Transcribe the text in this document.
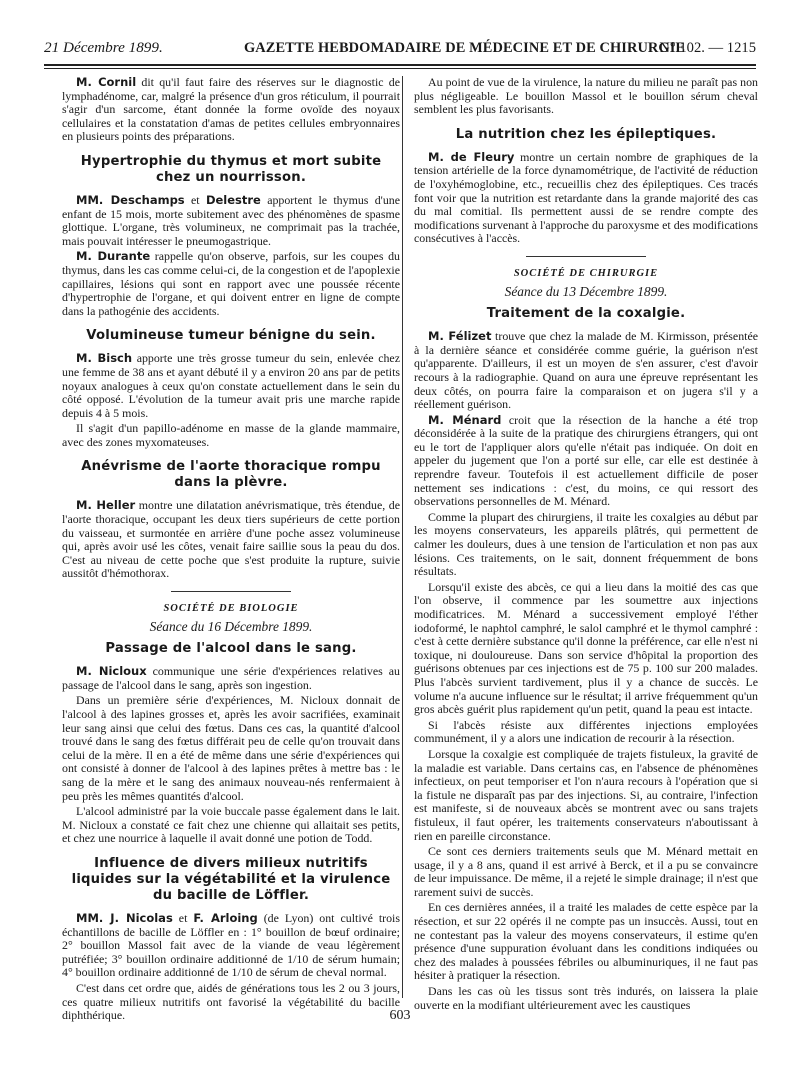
21 Décembre 1899.	GAZETTE HEBDOMADAIRE DE MÉDECINE ET DE CHIRURGIE
N° 102. — 1215

M. Cornil dit qu'il faut faire des réserves sur le diagnostic de lymphadénome, car, malgré la présence d'un gros réticulum, il pourrait s'agir d'un sarcome, étant donnée la forme ovoïde des noyaux cellulaires et la constatation d'amas de petites cellules embryonnaires en plusieurs points des préparations.

Hypertrophie du thymus et mort subite chez un nourrisson.

MM. Deschamps et Delestre apportent le thymus d'une enfant de 15 mois, morte subitement avec des phénomènes de spasme glottique. L'organe, très volumineux, ne comprimait pas la trachée, mais pouvait intéresser le pneumogastrique.

M. Durante rappelle qu'on observe, parfois, sur les coupes du thymus, dans les cas comme celui-ci, de la congestion et de l'apoplexie capillaires, lésions qui sont en rapport avec une poussée récente d'hypertrophie de l'organe, et qui doivent entrer en ligne de compte dans la pathogénie des accidents.

Volumineuse tumeur bénigne du sein.

M. Bisch apporte une très grosse tumeur du sein, enlevée chez une femme de 38 ans et ayant débuté il y a environ 20 ans par de petits noyaux analogues à ceux qu'on constate actuellement dans le sein du côté opposé. L'évolution de la tumeur avait pris une marche rapide depuis 4 à 5 mois.

Il s'agit d'un papillo-adénome en masse de la glande mammaire, avec des zones myxomateuses.

Anévrisme de l'aorte thoracique rompu dans la plèvre.

M. Heller montre une dilatation anévrismatique, très étendue, de l'aorte thoracique, occupant les deux tiers supérieurs de cette portion du vaisseau, et surmontée en arrière d'une poche assez volumineuse qui, après avoir usé les côtes, venait faire saillie sous la peau du dos. C'est au niveau de cette poche que s'est produite la rupture, suivie aussitôt d'hémothorax.

SOCIÉTÉ DE BIOLOGIE
Séance du 16 Décembre 1899.
Passage de l'alcool dans le sang.

M. Nicloux communique une série d'expériences relatives au passage de l'alcool dans le sang, après son ingestion.

Dans un première série d'expériences, M. Nicloux donnait de l'alcool à des lapines grosses et, après les avoir sacrifiées, examinait leur sang ainsi que celui des fœtus. Dans ces cas, la quantité d'alcool trouvé dans le sang des fœtus différait peu de celle qu'on trouvait dans celui de la mère. Il en a été de même dans une série d'expériences qui ont consisté à donner de l'alcool à des lapines prêtes à mettre bas : le sang de la mère et le sang des animaux nouveau-nés renfermaient à peu près les mêmes quantités d'alcool.

L'alcool administré par la voie buccale passe également dans le lait. M. Nicloux a constaté ce fait chez une chienne qui allaitait ses petits, et chez une nourrice à laquelle il avait donné une potion de Todd.

Influence de divers milieux nutritifs liquides sur la végétabilité et la virulence du bacille de Löffler.

MM. J. Nicolas et F. Arloing (de Lyon) ont cultivé trois échantillons de bacille de Löffler en : 1° bouillon de bœuf ordinaire; 2° bouillon Massol fait avec de la viande de veau légèrement putréfiée; 3° bouillon ordinaire additionné de 1/10 de sérum humain; 4° bouillon ordinaire additionné de 1/10 de sérum de cheval normal.

C'est dans cet ordre que, aidés de générations tous les 2 ou 3 jours, ces quatre milieux nutritifs ont favorisé la végétabilité du bacille diphthérique.

Au point de vue de la virulence, la nature du milieu ne paraît pas non plus négligeable. Le bouillon Massol et le bouillon sérum cheval semblent les plus favorisants.

La nutrition chez les épileptiques.

M. de Fleury montre un certain nombre de graphiques de la tension artérielle de la force dynamométrique, de l'activité de réduction de l'oxyhémoglobine, etc., recueillis chez des épileptiques. Ces tracés font voir que la nutrition est retardante dans la grande majorité des cas du mal comitial. Ils permettent aussi de se rendre compte des modifications survenant à l'approche du paroxysme et des modifications consécutives à l'accès.

SOCIÉTÉ DE CHIRURGIE
Séance du 13 Décembre 1899.
Traitement de la coxalgie.

M. Félizet trouve que chez la malade de M. Kirmisson, présentée à la dernière séance et considérée comme guérie, la guérison n'est qu'apparente. D'ailleurs, il est un moyen de s'en assurer, c'est d'avoir recours à la radiographie. Quand on aura une épreuve représentant les deux côtés, on pourra faire la comparaison et on jugera s'il y a réellement guérison.

M. Ménard croit que la résection de la hanche a été trop déconsidérée à la suite de la pratique des chirurgiens étrangers, qui ont eu le tort de l'appliquer alors qu'elle n'était pas indiquée. On doit en appeler du jugement que l'on a porté sur elle, car elle est destinée à reprendre faveur. Toutefois il est actuellement difficile de poser nettement ses indications : c'est, du moins, ce qui ressort des observations personnelles de M. Ménard.

Comme la plupart des chirurgiens, il traite les coxalgies au début par les moyens conservateurs, les appareils plâtrés, qui permettent de calmer les douleurs, dues à une tension de l'articulation et non pas aux lésions. Ces traitements, on le sait, donnent fréquemment de bons résultats.

Lorsqu'il existe des abcès, ce qui a lieu dans la moitié des cas que l'on observe, il commence par les soumettre aux injections modificatrices. M. Ménard a successivement employé l'éther iodoformé, le naphtol camphré, le salol camphré et le thymol camphré : c'est à cette dernière substance qu'il donne la préférence, car elle n'est ni toxique, ni douloureuse. Dans son service d'hôpital la proportion des guérisons obtenues par ces injections est de 75 p. 100 sur 200 malades. Plus l'abcès survient tardivement, plus il y a chance de succès. Le volume n'a aucune influence sur le résultat; il arrive fréquemment qu'un gros abcès guérit plus rapidement qu'un petit, quand la peau est intacte.

Si l'abcès résiste aux différentes injections employées communément, il y a alors une indication de recourir à la résection.

Lorsque la coxalgie est compliquée de trajets fistuleux, la gravité de la maladie est variable. Dans certains cas, en l'absence de phénomènes infectieux, on peut temporiser et l'on n'aura recours à l'opération que si la fistule ne disparaît pas par des injections. Si, au contraire, l'infection est manifeste, si de nouveaux abcès se montrent avec ou sans trajets fistuleux, il faut opérer, les traitements conservateurs n'aboutissant à rien en pareille circonstance.

Ce sont ces derniers traitements seuls que M. Ménard mettait en usage, il y a 8 ans, quand il est arrivé à Berck, et il a pu se convaincre de leur impuissance. De même, il a rejeté le simple drainage; il n'est que rarement suivi de succès.

En ces dernières années, il a traité les malades de cette espèce par la résection, et sur 22 opérés il ne compte pas un insuccès. Aussi, tout en ne contestant pas la valeur des moyens conservateurs, il estime qu'en présence d'une suppuration évoluant dans les conditions indiquées ou chez des malades à poussées fébriles ou albuminuriques, il ne faut pas hésiter à pratiquer la résection.

Dans les cas où les tissus sont très indurés, on laissera la plaie ouverte en la modifiant ultérieurement avec les caustiques

603
